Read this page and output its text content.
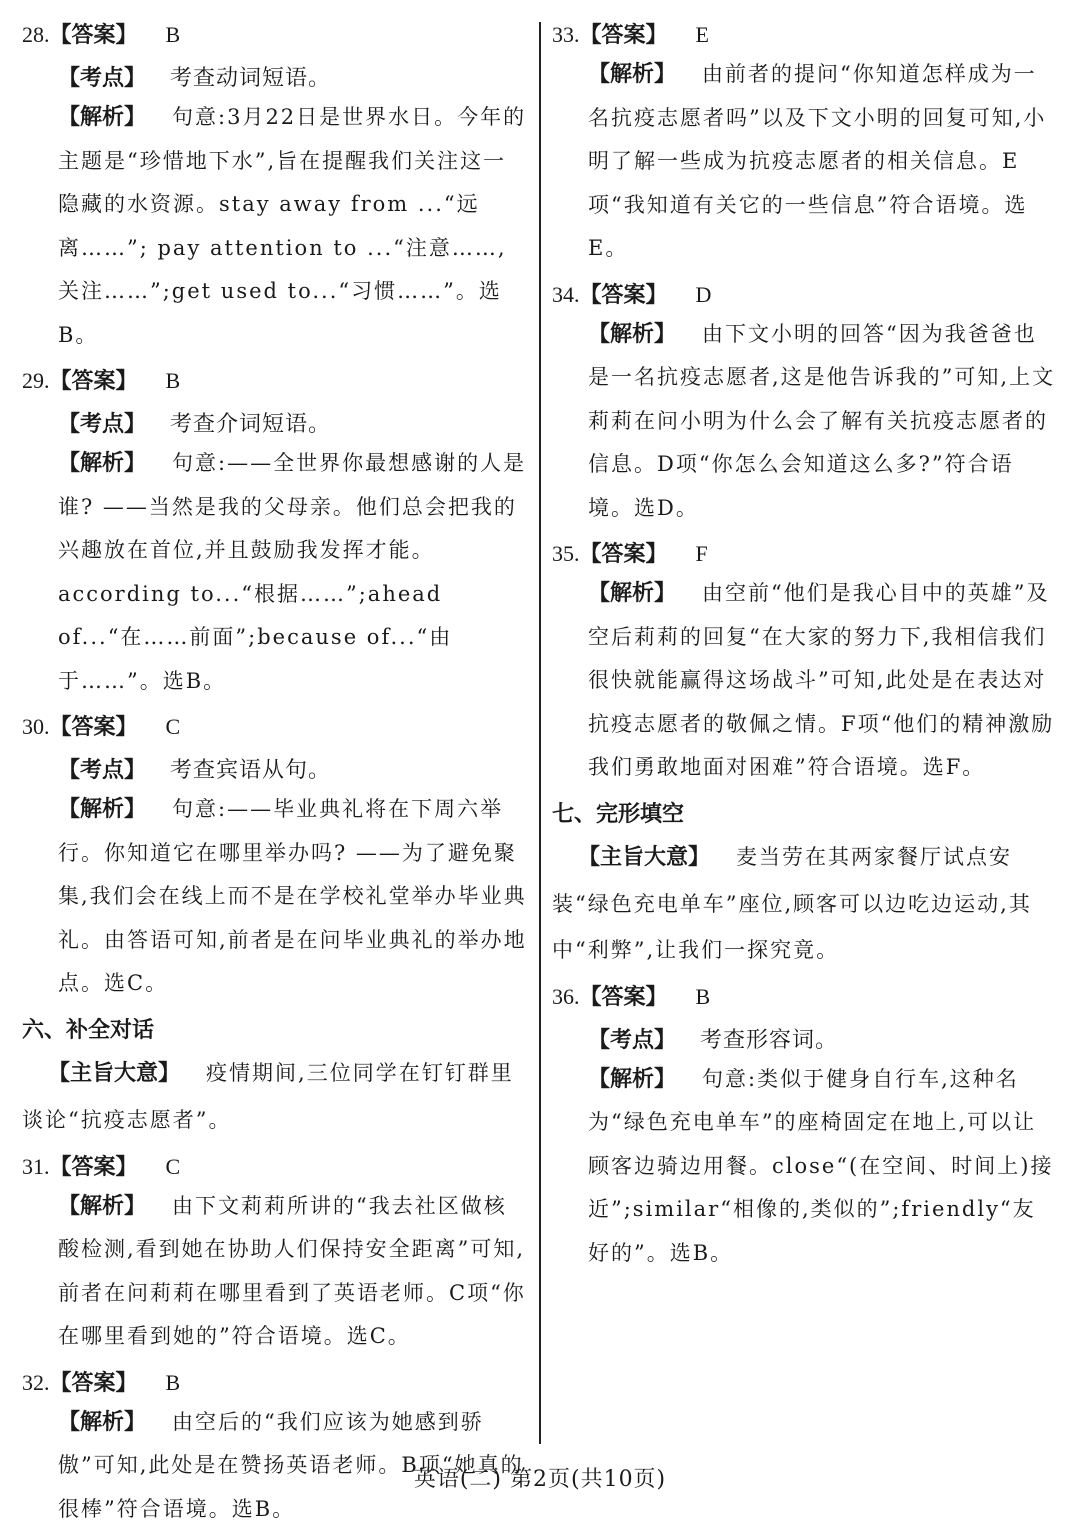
28.【答案】 B
【考点】 考查动词短语。
【解析】 句意:3月22日是世界水日。今年的主题是“珍惜地下水”,旨在提醒我们关注这一隐藏的水资源。stay away from ...“远离……”; pay attention to ...“注意……,关注……”;get used to...“习惯……”。选B。
29.【答案】 B
【考点】 考查介词短语。
【解析】 句意:——全世界你最想感谢的人是谁? ——当然是我的父母亲。他们总会把我的兴趣放在首位,并且鼓励我发挥才能。according to...“根据……”;ahead of...“在……前面”;because of...“由于……”。选B。
30.【答案】 C
【考点】 考查宾语从句。
【解析】 句意:——毕业典礼将在下周六举行。你知道它在哪里举办吗? ——为了避免聚集,我们会在线上而不是在学校礼堂举办毕业典礼。由答语可知,前者是在问毕业典礼的举办地点。选C。
六、补全对话
【主旨大意】 疫情期间,三位同学在钉钉群里谈论“抗疫志愿者”。
31.【答案】 C
【解析】 由下文莉莉所讲的“我去社区做核酸检测,看到她在协助人们保持安全距离”可知,前者在问莉莉在哪里看到了英语老师。C项“你在哪里看到她的”符合语境。选C。
32.【答案】 B
【解析】 由空后的“我们应该为她感到骄傲”可知,此处是在赞扬英语老师。B项“她真的很棒”符合语境。选B。
33.【答案】 E
【解析】 由前者的提问“你知道怎样成为一名抗疫志愿者吗”以及下文小明的回复可知,小明了解一些成为抗疫志愿者的相关信息。E项“我知道有关它的一些信息”符合语境。选E。
34.【答案】 D
【解析】 由下文小明的回答“因为我爸爸也是一名抗疫志愿者,这是他告诉我的”可知,上文莉莉在问小明为什么会了解有关抗疫志愿者的信息。D项“你怎么会知道这么多?”符合语境。选D。
35.【答案】 F
【解析】 由空前“他们是我心目中的英雄”及空后莉莉的回复“在大家的努力下,我相信我们很快就能赢得这场战斗”可知,此处是在表达对抗疫志愿者的敬佩之情。F项“他们的精神激励我们勇敢地面对困难”符合语境。选F。
七、完形填空
【主旨大意】 麦当劳在其两家餐厅试点安装“绿色充电单车”座位,顾客可以边吃边运动,其中“利弊”,让我们一探究竟。
36.【答案】 B
【考点】 考查形容词。
【解析】 句意:类似于健身自行车,这种名为“绿色充电单车”的座椅固定在地上,可以让顾客边骑边用餐。close“(在空间、时间上)接近”;similar“相像的,类似的”;friendly“友好的”。选B。
英语(二) 第2页(共10页)
